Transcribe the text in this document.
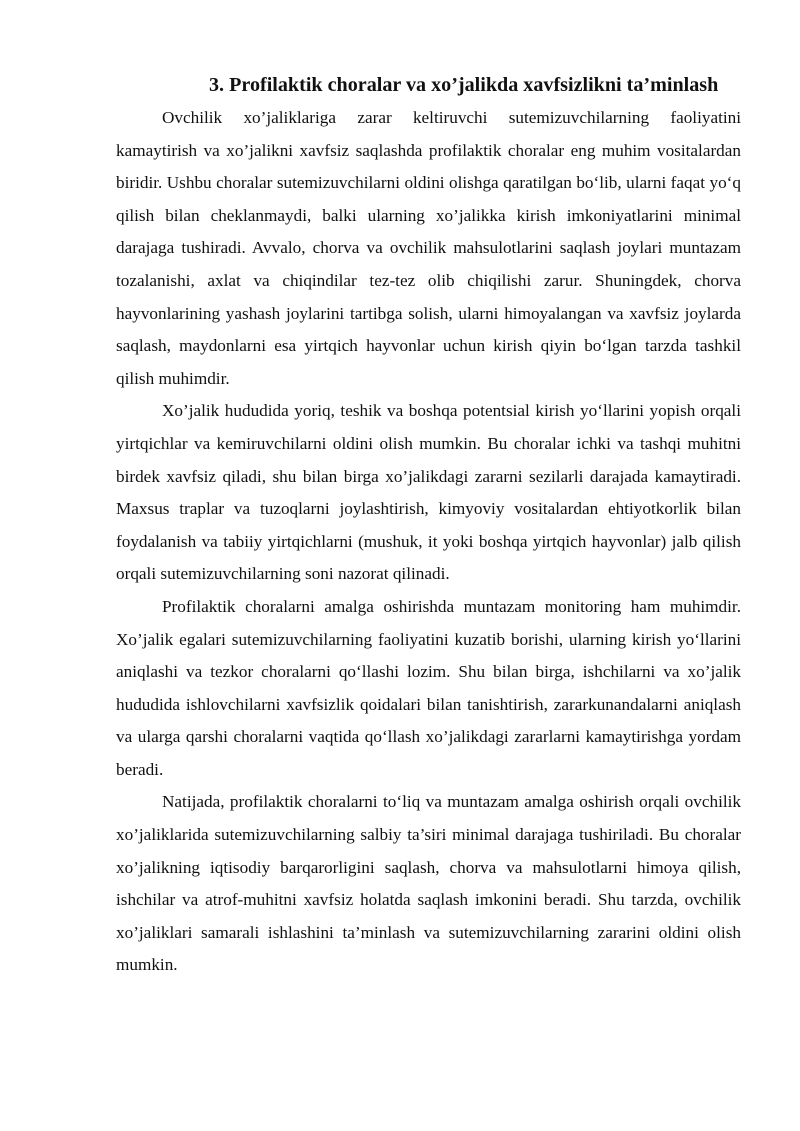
3. Profilaktik choralar va xo’jalikda xavfsizlikni ta’minlash

Ovchilik xo’jaliklariga zarar keltiruvchi sutemizuvchilarning faoliyatini kamaytirish va xo’jalikni xavfsiz saqlashda profilaktik choralar eng muhim vositalardan biridir. Ushbu choralar sutemizuvchilarni oldini olishga qaratilgan bo‘lib, ularni faqat yo‘q qilish bilan cheklanmaydi, balki ularning xo’jalikka kirish imkoniyatlarini minimal darajaga tushiradi. Avvalo, chorva va ovchilik mahsulotlarini saqlash joylari muntazam tozalanishi, axlat va chiqindilar tez-tez olib chiqilishi zarur. Shuningdek, chorva hayvonlarining yashash joylarini tartibga solish, ularni himoyalangan va xavfsiz joylarda saqlash, maydonlarni esa yirtqich hayvonlar uchun kirish qiyin bo‘lgan tarzda tashkil qilish muhimdir.

Xo’jalik hududida yoriq, teshik va boshqa potentsial kirish yo‘llarini yopish orqali yirtqichlar va kemiruvchilarni oldini olish mumkin. Bu choralar ichki va tashqi muhitni birdek xavfsiz qiladi, shu bilan birga xo’jalikdagi zararni sezilarli darajada kamaytiradi. Maxsus traplar va tuzoqlarni joylashtirish, kimyoviy vositalardan ehtiyotkorlik bilan foydalanish va tabiiy yirtqichlarni (mushuk, it yoki boshqa yirtqich hayvonlar) jalb qilish orqali sutemizuvchilarning soni nazorat qilinadi.

Profilaktik choralarni amalga oshirishda muntazam monitoring ham muhimdir. Xo’jalik egalari sutemizuvchilarning faoliyatini kuzatib borishi, ularning kirish yo‘llarini aniqlashi va tezkor choralarni qo‘llashi lozim. Shu bilan birga, ishchilarni va xo’jalik hududida ishlovchilarni xavfsizlik qoidalari bilan tanishtirish, zararkunandalarni aniqlash va ularga qarshi choralarni vaqtida qo‘llash xo’jalikdagi zararlarni kamaytirishga yordam beradi.

Natijada, profilaktik choralarni to‘liq va muntazam amalga oshirish orqali ovchilik xo’jaliklarida sutemizuvchilarning salbiy ta’siri minimal darajaga tushiriladi. Bu choralar xo’jalikning iqtisodiy barqarorligini saqlash, chorva va mahsulotlarni himoya qilish, ishchilar va atrof-muhitni xavfsiz holatda saqlash imkonini beradi. Shu tarzda, ovchilik xo’jaliklari samarali ishlashini ta’minlash va sutemizuvchilarning zararini oldini olish mumkin.
